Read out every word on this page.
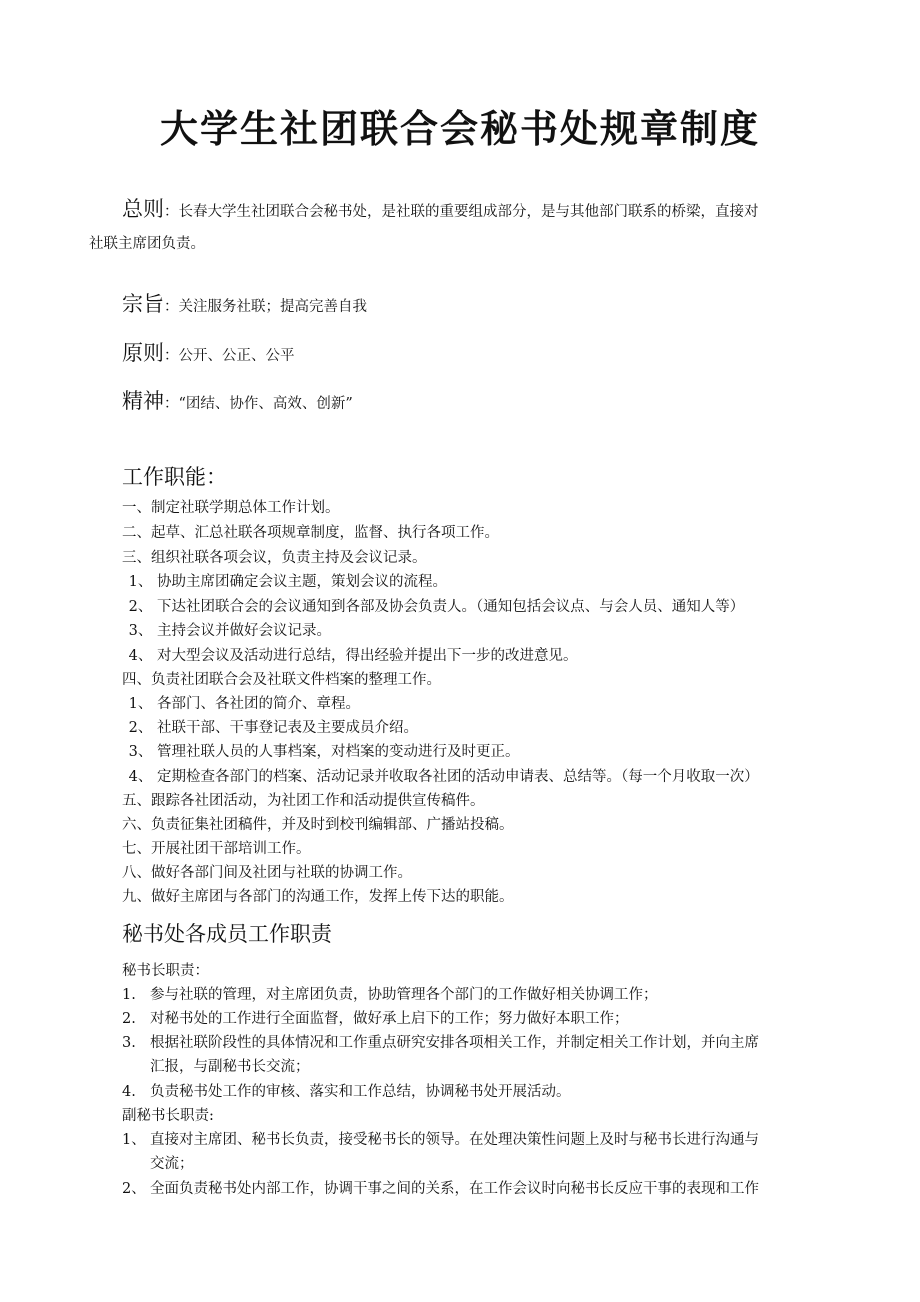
大学生社团联合会秘书处规章制度
总则：长春大学生社团联合会秘书处，是社联的重要组成部分，是与其他部门联系的桥梁，直接对
社联主席团负责。
宗旨：关注服务社联；提高完善自我
原则：公开、公正、公平
精神：“团结、协作、高效、创新”
工作职能：
一、制定社联学期总体工作计划。
二、起草、汇总社联各项规章制度，监督、执行各项工作。
三、组织社联各项会议，负责主持及会议记录。
1、 协助主席团确定会议主题，策划会议的流程。
2、 下达社团联合会的会议通知到各部及协会负责人。（通知包括会议点、与会人员、通知人等）
3、 主持会议并做好会议记录。
4、 对大型会议及活动进行总结，得出经验并提出下一步的改进意见。
四、负责社团联合会及社联文件档案的整理工作。
1、 各部门、各社团的简介、章程。
2、 社联干部、干事登记表及主要成员介绍。
3、 管理社联人员的人事档案，对档案的变动进行及时更正。
4、 定期检查各部门的档案、活动记录并收取各社团的活动申请表、总结等。（每一个月收取一次）
五、跟踪各社团活动，为社团工作和活动提供宣传稿件。
六、负责征集社团稿件，并及时到校刊编辑部、广播站投稿。
七、开展社团干部培训工作。
八、做好各部门间及社团与社联的协调工作。
九、做好主席团与各部门的沟通工作，发挥上传下达的职能。
秘书处各成员工作职责
秘书长职责：
1. 参与社联的管理，对主席团负责，协助管理各个部门的工作做好相关协调工作；
2. 对秘书处的工作进行全面监督，做好承上启下的工作；努力做好本职工作；
3. 根据社联阶段性的具体情况和工作重点研究安排各项相关工作，并制定相关工作计划，并向主席
汇报，与副秘书长交流；
4. 负责秘书处工作的审核、落实和工作总结，协调秘书处开展活动。
副秘书长职责:
1、 直接对主席团、秘书长负责，接受秘书长的领导。在处理决策性问题上及时与秘书长进行沟通与
交流；
2、 全面负责秘书处内部工作，协调干事之间的关系，在工作会议时向秘书长反应干事的表现和工作
